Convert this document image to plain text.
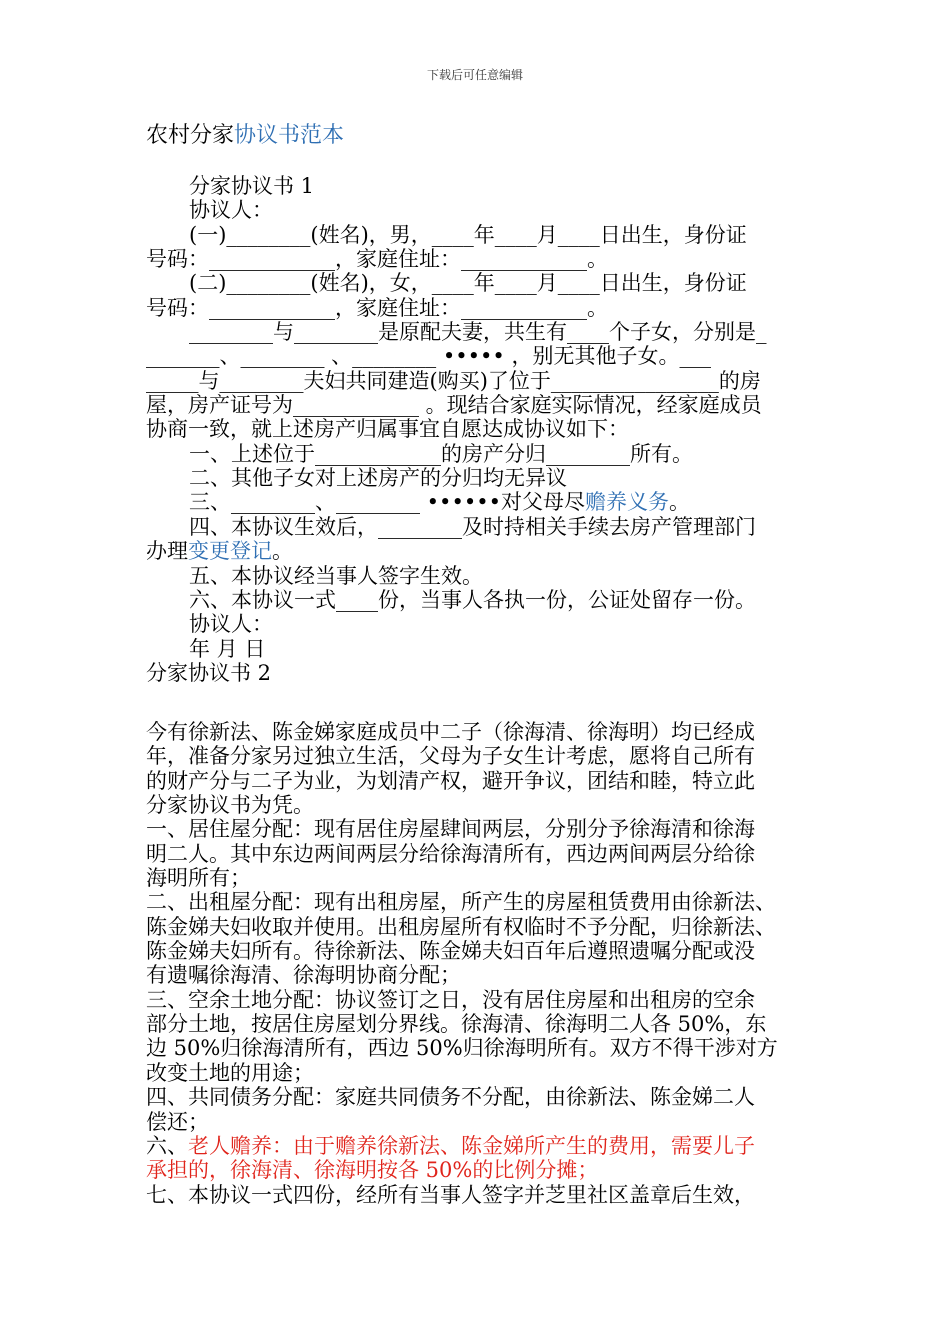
下载后可任意编辑
农村分家协议书范本
分家协议书 1
协议人：
(一)________(姓名)，男，____年____月____日出生，身份证
号码：____________，家庭住址：____________。
(二)________(姓名)，女，____年____月____日出生，身份证
号码：____________，家庭住址：____________。
________与________是原配夫妻，共生有____个子女，分别是_
_______、________ 、________ ••••• ，别无其他子女。___
_____与________夫妇共同建造(购买)了位于________________的房
屋，房产证号为____________ 。现结合家庭实际情况，经家庭成员
协商一致，就上述房产归属事宜自愿达成协议如下：
一、上述位于____________的房产分归________所有。
二、其他子女对上述房产的分归均无异议
三、________、________ ••••••对父母尽赡养义务。
四、本协议生效后，________及时持相关手续去房产管理部门
办理变更登记。
五、本协议经当事人签字生效。
六、本协议一式____份，当事人各执一份，公证处留存一份。
协议人：
年 月 日
分家协议书 2
今有徐新法、陈金娣家庭成员中二子（徐海清、徐海明）均已经成
年，准备分家另过独立生活，父母为子女生计考虑，愿将自己所有
的财产分与二子为业，为划清产权，避开争议，团结和睦，特立此
分家协议书为凭。
一、居住屋分配：现有居住房屋肆间两层，分别分予徐海清和徐海
明二人。其中东边两间两层分给徐海清所有，西边两间两层分给徐
海明所有；
二、出租屋分配：现有出租房屋，所产生的房屋租赁费用由徐新法、
陈金娣夫妇收取并使用。出租房屋所有权临时不予分配，归徐新法、
陈金娣夫妇所有。待徐新法、陈金娣夫妇百年后遵照遗嘱分配或没
有遗嘱徐海清、徐海明协商分配；
三、空余土地分配：协议签订之日，没有居住房屋和出租房的空余
部分土地，按居住房屋划分界线。徐海清、徐海明二人各 50%，东
边 50%归徐海清所有，西边 50%归徐海明所有。双方不得干涉对方
改变土地的用途；
四、共同债务分配：家庭共同债务不分配，由徐新法、陈金娣二人
偿还；
六、老人赡养：由于赡养徐新法、陈金娣所产生的费用，需要儿子
承担的，徐海清、徐海明按各 50%的比例分摊；
七、本协议一式四份，经所有当事人签字并芝里社区盖章后生效，
